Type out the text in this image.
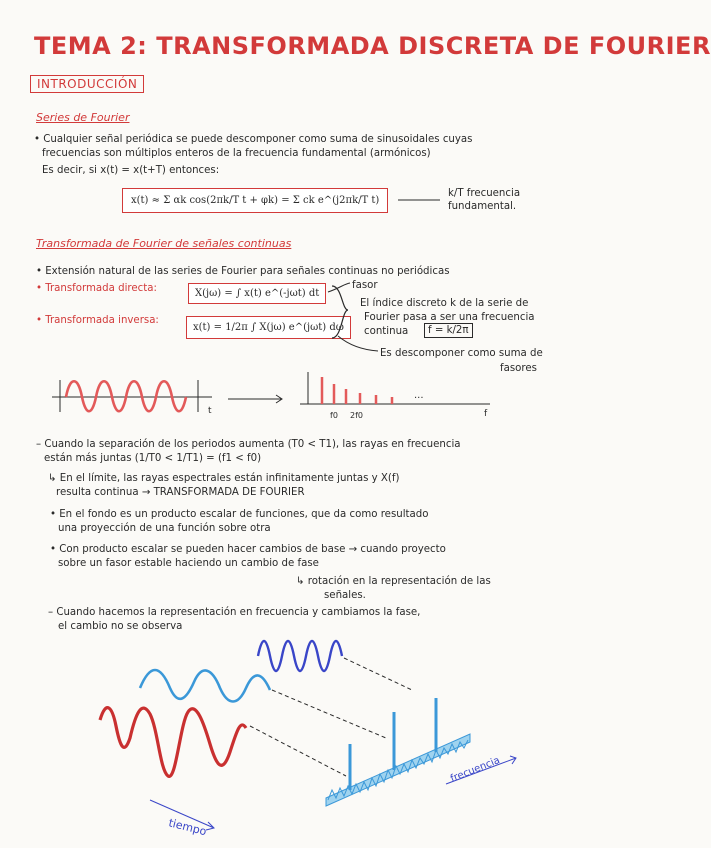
TEMA 2: TRANSFORMADA DISCRETA DE FOURIER
INTRODUCCIÓN
Series de Fourier
• Cualquier señal periódica se puede descomponer como suma de sinusoidales cuyas
frecuencias son múltiplos enteros de la frecuencia fundamental (armónicos)
Es decir, si x(t) = x(t+T) entonces:
x(t) ≈ Σ αk cos(2πk/T t + φk) = Σ ck e^(j2πk/T t)
k/T frecuencia fundamental.
Transformada de Fourier de señales continuas
• Extensión natural de las series de Fourier para señales continuas no periódicas
• Transformada directa:	X(jω) = ∫ x(t) e^(-jωt) dt
• Transformada inversa:
x(t) = 1/2π ∫ X(jω) e^(jωt) dω
fasor
El índice discreto k de la serie de
Fourier pasa a ser una frecuencia
continua	f = k/2π
Es descomponer como suma de
fasores
– Cuando la separación de los periodos aumenta (T0 < T1), las rayas en frecuencia
están más juntas (1/T0 < 1/T1) = (f1 < f0)
↳ En el límite, las rayas espectrales están infinitamente juntas y X(f)
resulta continua → TRANSFORMADA DE FOURIER
• En el fondo es un producto escalar de funciones, que da como resultado
una proyección de una función sobre otra
• Con producto escalar se pueden hacer cambios de base → cuando proyecto
sobre un fasor estable haciendo un cambio de fase
↳ rotación en la representación de las
señales.
– Cuando hacemos la representación en frecuencia y cambiamos la fase,
el cambio no se observa
t	f0 2f0
...
f
tiempo
frecuencia
